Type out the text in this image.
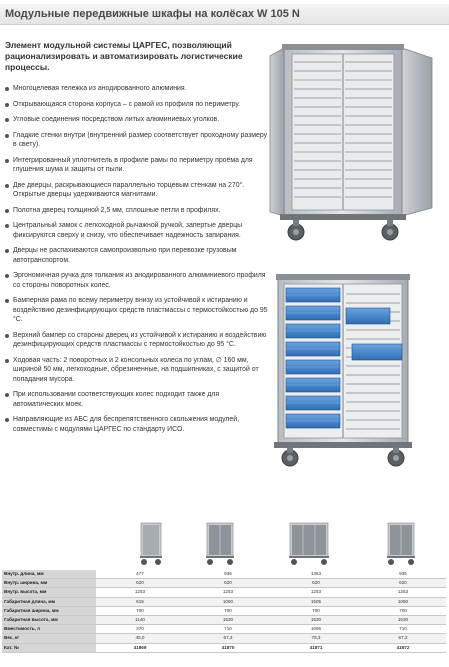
Модульные передвижные шкафы на колёсах W 105 N
Элемент модульной системы ЦАРГЕС, позволяющий рационализировать и автоматизировать логистические процессы.
Многоцелевая тележка из анодированного алюминия.
Открывающаяся сторона корпуса – с рамой из профиля по периметру.
Угловые соединения посредством литых алюминиевых уголков.
Гладкие стенки внутри (внутренний размер соответствует проходному размеру в свету).
Интегрированный уплотнитель в профиле рамы по периметру проёма для глушения шума и защиты от пыли.
Две дверцы, раскрывающиеся параллельно торцевым стенкам на 270°. Открытые дверцы удерживаются магнитами.
Полотна дверец толщиной 2,5 мм, сплошные петли в профилях.
Центральный замок с легкоходной рычажной ручкой, запертые дверцы фиксируются сверху и снизу, что обеспечивает надежность запирания.
Дверцы не распахиваются самопроизвольно при перевозке грузовым автотранспортом.
Эргономичная ручка для толкания из анодированного алюминиевого профиля со стороны поворотных колес.
Бамперная рама по всему периметру внизу из устойчивой к истиранию и воздействию дезинфицирующих средств пластмассы с термостойкостью до 95 °C.
Верхний бампер со стороны дверец из устойчивой к истиранию и воздействию дезинфицирующих средств пластмассы с термостойкостью до 95 °C.
Ходовая часть: 2 поворотных и 2 консольных колеса по углам, ∅ 160 мм, шириной 50 мм, легкоходные, обрезиненные, на подшипниках, с защитой от попадания мусора.
При использовании соответствующих колес подходит также для автоматических моек.
Направляющие из АБС для беспрепятственного скольжения модулей, совместимы с модулями ЦАРГЕС по стандарту ИСО.
Внутр. длина, мм	477	935	1363	935
Внутр. ширина, мм	620	620	620	620
Внутр. высота, мм	1253	1253	1253	1253
Габаритная длина, мм	615	1060	1505	1060
Габаритная ширина, мм	700	700	700	700
Габаритная высота, мм	1140	1530	1530	1530
Вместимость, л	370	710	1055	710
Вес, кг	45,0	67,3	78,3	67,3
Кат. №	41869	41870	41871	41872
